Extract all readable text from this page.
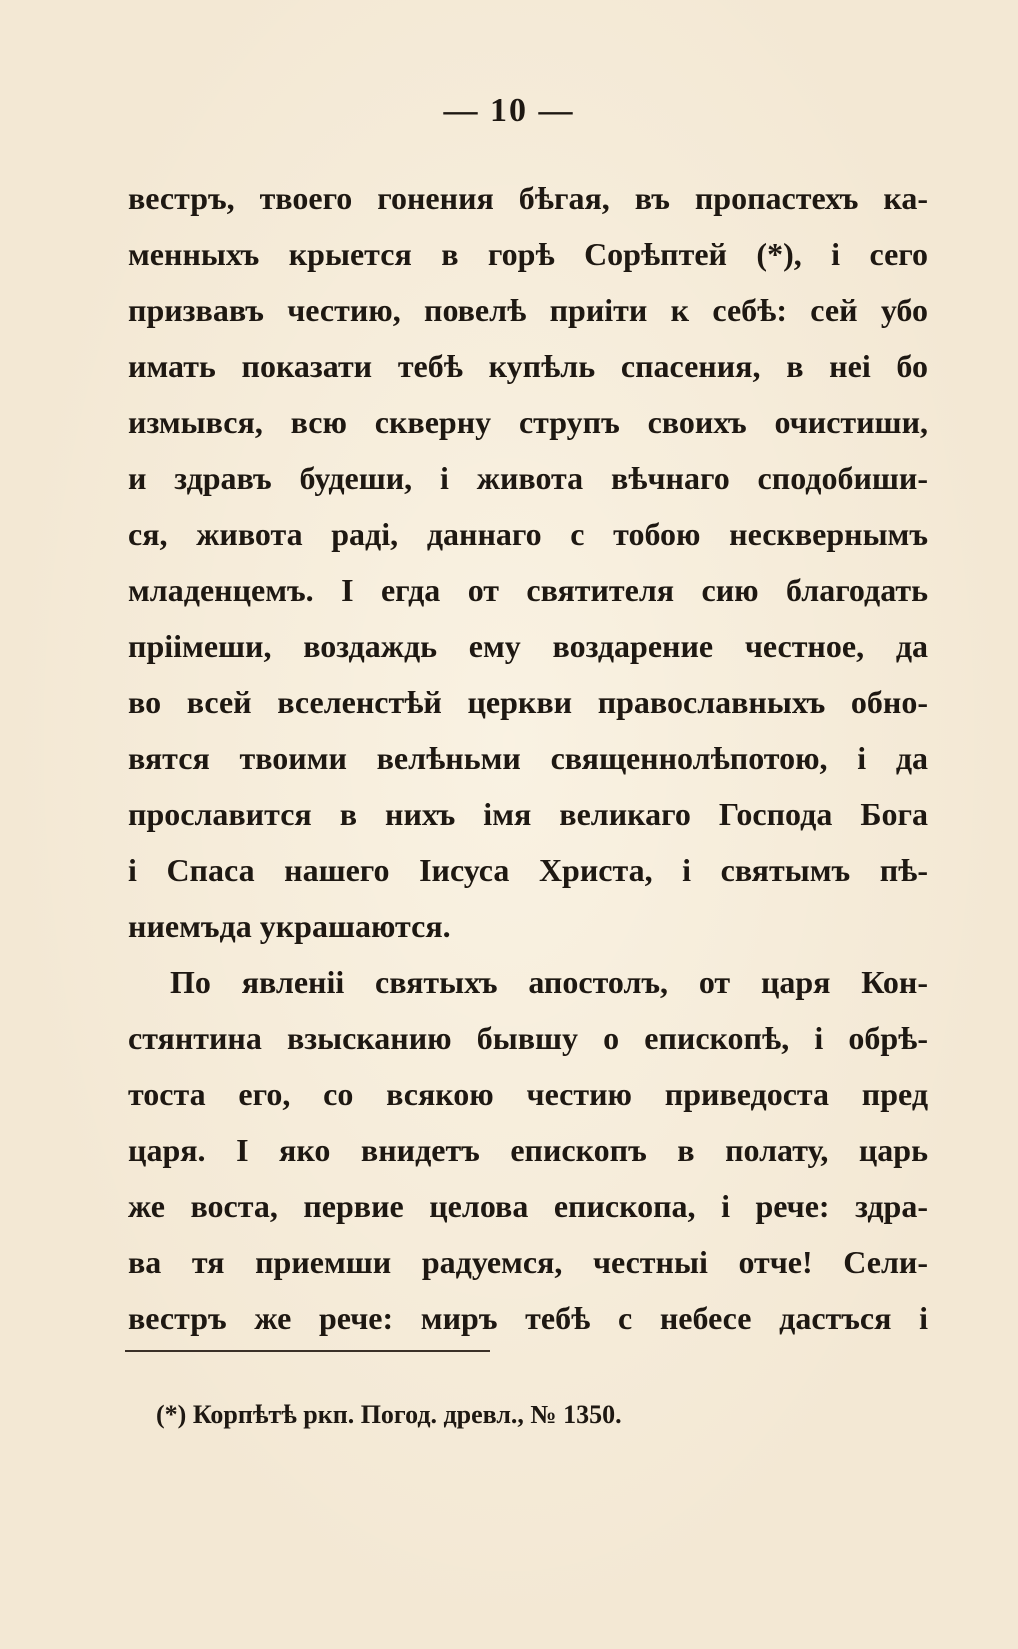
— 10 —
вестръ, твоего гонения бѣгая, въ пропастехъ ка-
менныхъ крыется в горѣ Сорѣптей (*), і сего
призвавъ честию, повелѣ приіти к себѣ: сей убо
имать показати тебѣ купѣль спасения, в неі бо
измывся, всю скверну струпъ своихъ очистиши,
и здравъ будеши, і живота вѣчнаго сподобиши-
ся, живота раді, даннаго с тобою несквернымъ
младенцемъ. І егда от святителя сию благодать
пріімеши, воздаждь ему воздарение честное, да
во всей вселенстѣй церкви православныхъ обно-
вятся твоими велѣньми священнолѣпотою, і да
прославится в нихъ імя великаго Господа Бога
і Спаса нашего Іисуса Христа, і святымъ пѣ-
ниемъда украшаются.
По явленіі святыхъ апостолъ, от царя Кон-
стянтина взысканию бывшу о епископѣ, і обрѣ-
тоста его, со всякою честию приведоста пред
царя. І яко внидетъ епископъ в полату, царь
же воста, первие целова епископа, і рече: здра-
ва тя приемши радуемся, честныі отче! Сели-
вестръ же рече: миръ тебѣ с небесе дастъся і
(*) Корпѣтѣ ркп. Погод. древл., № 1350.
